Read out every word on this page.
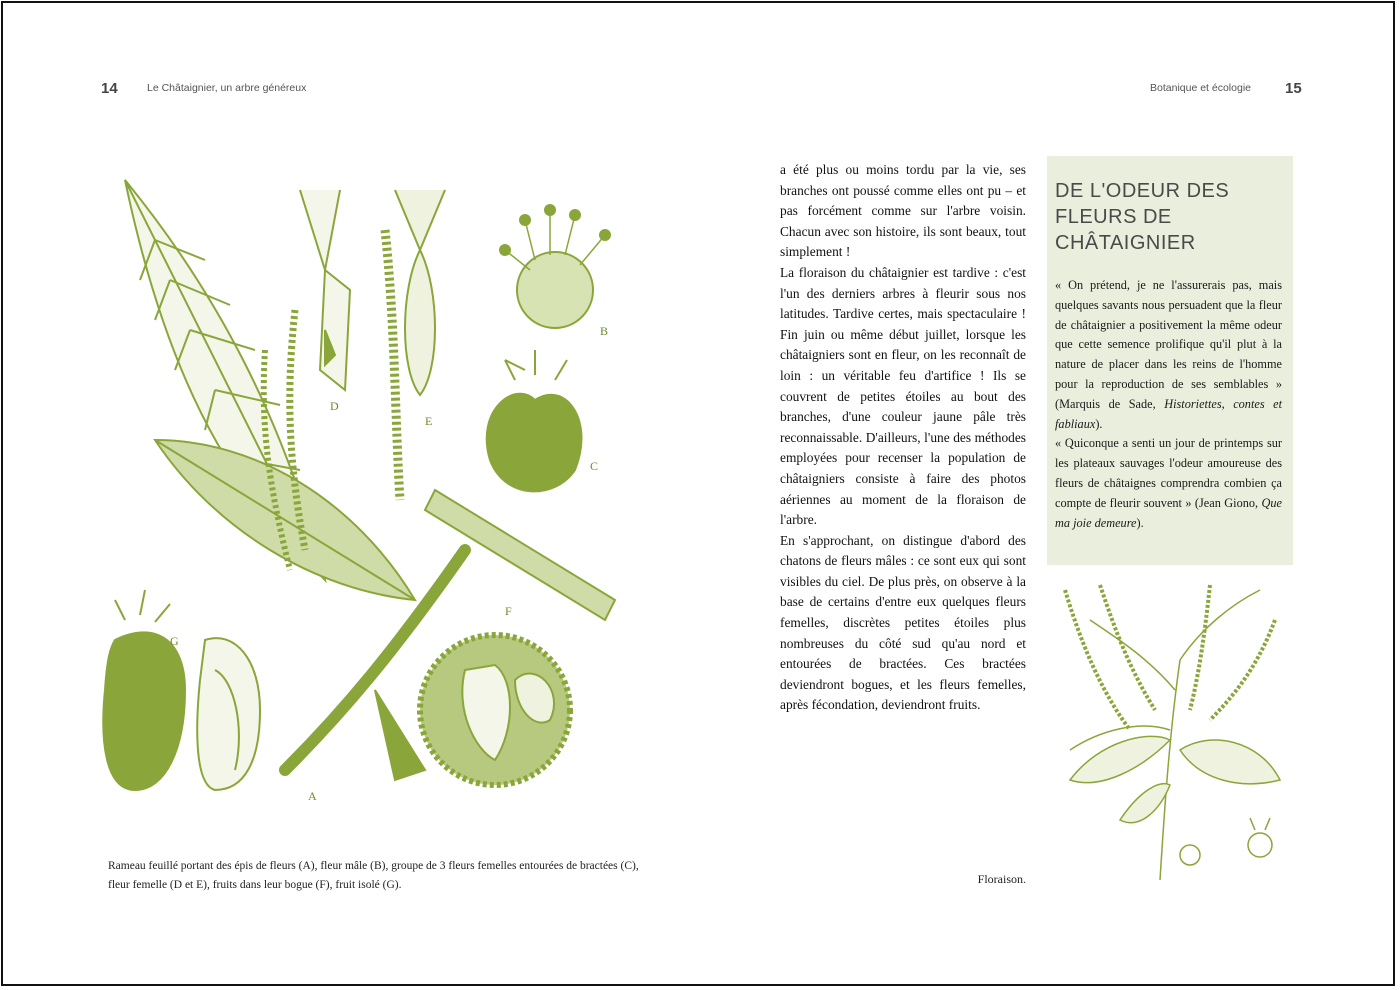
14	Le Châtaignier, un arbre généreux
B
C
D
E
F
G
A
Rameau feuillé portant des épis de fleurs (A), fleur mâle (B), groupe de 3 fleurs femelles entourées de bractées (C), fleur femelle (D et E), fruits dans leur bogue (F), fruit isolé (G).
Botanique et écologie 15

a été plus ou moins tordu par la vie, ses branches ont poussé comme elles ont pu – et pas forcément comme sur l'arbre voisin. Chacun avec son histoire, ils sont beaux, tout simplement !

La floraison du châtaignier est tardive : c'est l'un des derniers arbres à fleurir sous nos latitudes. Tardive certes, mais spectaculaire ! Fin juin ou même début juillet, lorsque les châtaigniers sont en fleur, on les reconnaît de loin : un véritable feu d'artifice ! Ils se couvrent de petites étoiles au bout des branches, d'une couleur jaune pâle très reconnaissable. D'ailleurs, l'une des méthodes employées pour recenser la population de châtaigniers consiste à faire des photos aériennes au moment de la floraison de l'arbre.

En s'approchant, on distingue d'abord des chatons de fleurs mâles : ce sont eux qui sont visibles du ciel. De plus près, on observe à la base de certains d'entre eux quelques fleurs femelles, discrètes petites étoiles plus nombreuses du côté sud qu'au nord et entourées de bractées. Ces bractées deviendront bogues, et les fleurs femelles, après fécondation, deviendront fruits.

Floraison.
DE L'ODEUR DES FLEURS DE CHÂTAIGNIER

« On prétend, je ne l'assurerais pas, mais quelques savants nous persuadent que la fleur de châtaignier a positivement la même odeur que cette semence prolifique qu'il plut à la nature de placer dans les reins de l'homme pour la reproduction de ses semblables » (Marquis de Sade, Historiettes, contes et fabliaux).

« Quiconque a senti un jour de printemps sur les plateaux sauvages l'odeur amoureuse des fleurs de châtaignes comprendra combien ça compte de fleurir souvent » (Jean Giono, Que ma joie demeure).
